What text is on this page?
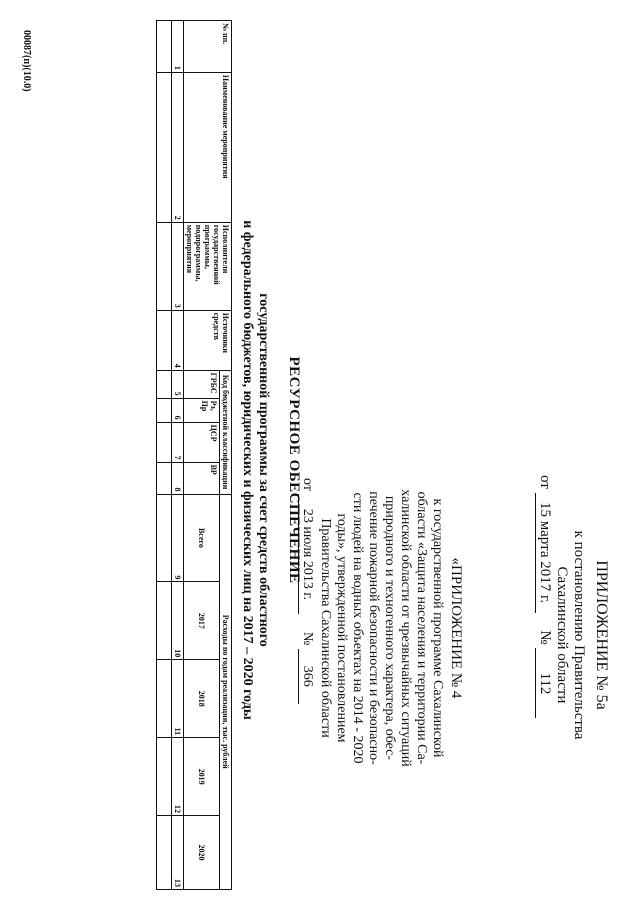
ПРИЛОЖЕНИЕ № 5а
к постановлению Правительства
Сахалинской области
от 15 марта 2017 г. № 112
«ПРИЛОЖЕНИЕ № 4
к государственной программе Сахалинской
области «Защита населения и территории Са-
халинской области от чрезвычайных ситуаций
природного и техногенного характера, обес-
печение пожарной безопасности и безопасно-
сти людей на водных объектах на 2014 - 2020
годы», утвержденной постановлением
Правительства Сахалинской области
от 23 июля 2013 г. № 366
РЕСУРСНОЕ ОБЕСПЕЧЕНИЕ
государственной программы за счет средств областного
и федерального бюджетов, юридических и физических лиц на 2017 – 2020 годы
№ пп.	Наименование мероприятия	Исполнители государственной программы, подпрограммы, мероприятия	Источники средств	Код бюджетной классификации				Расходы по годам реализации, тыс. рублей				
				ГРБС	Рз, Пр	ЦСР	ВР	Всего	2017	2018	2019	2020

1	2	3	4	5	6	7	8	9	10	11	12	13

00087(п)(10.0)
